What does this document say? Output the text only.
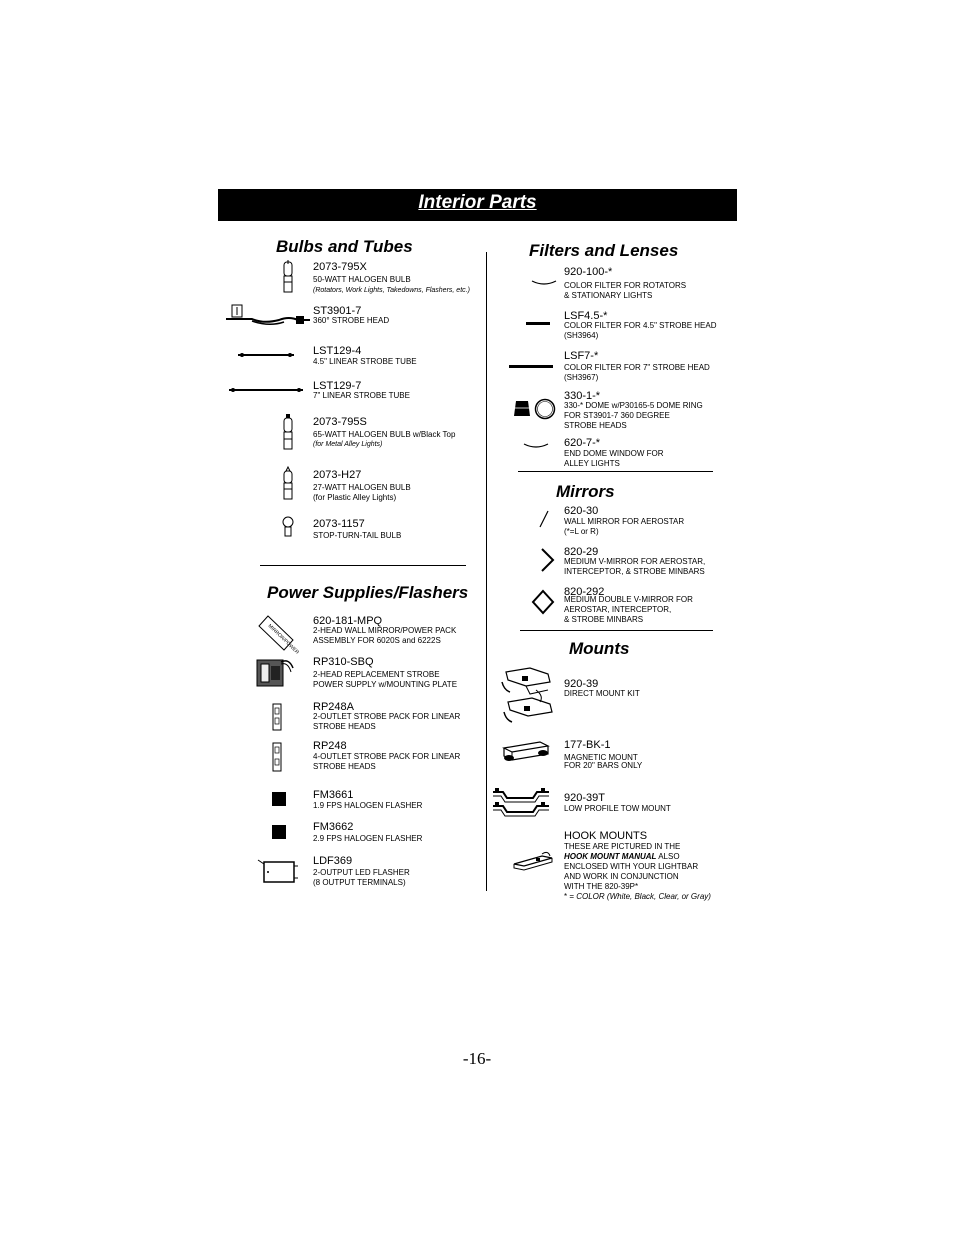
Interior Parts
Bulbs and Tubes
2073-795X
50-WATT HALOGEN BULB
(Rotators, Work Lights, Takedowns, Flashers, etc.)
ST3901-7
360° STROBE HEAD
LST129-4
4.5" LINEAR STROBE TUBE
LST129-7
7" LINEAR STROBE TUBE
2073-795S
65-WATT HALOGEN BULB w/Black Top
(for Metal Alley Lights)
2073-H27
27-WATT HALOGEN BULB
(for Plastic Alley Lights)
2073-1157
STOP-TURN-TAIL BULB
Power Supplies/Flashers
MIRROR/POWER
620-181-MPQ
2-HEAD WALL MIRROR/POWER PACK
ASSEMBLY FOR 6020S and 6222S
RP310-SBQ
2-HEAD REPLACEMENT STROBE
POWER SUPPLY w/MOUNTING PLATE
RP248A
2-OUTLET STROBE PACK FOR LINEAR
STROBE HEADS
RP248
4-OUTLET STROBE PACK FOR LINEAR
STROBE HEADS
FM3661
1.9 FPS HALOGEN FLASHER
FM3662
2.9 FPS HALOGEN FLASHER
LDF369
2-OUTPUT LED FLASHER
(8 OUTPUT TERMINALS)
Filters and Lenses
920-100-*
COLOR FILTER FOR ROTATORS
& STATIONARY LIGHTS
LSF4.5-*
COLOR FILTER FOR 4.5" STROBE HEAD
(SH3964)
LSF7-*
COLOR FILTER FOR 7" STROBE HEAD
(SH3967)
330-1-*
330-* DOME w/P30165-5 DOME RING
FOR ST3901-7 360 DEGREE
STROBE HEADS
620-7-*
END DOME WINDOW FOR
ALLEY LIGHTS
Mirrors
620-30
WALL MIRROR FOR AEROSTAR
(*=L or R)
820-29
MEDIUM V-MIRROR FOR AEROSTAR,
INTERCEPTOR, & STROBE MINBARS
820-292
MEDIUM DOUBLE V-MIRROR FOR
AEROSTAR, INTERCEPTOR,
& STROBE MINBARS
Mounts
920-39
DIRECT MOUNT KIT
177-BK-1
MAGNETIC MOUNT
FOR 20" BARS ONLY
920-39T
LOW PROFILE TOW MOUNT
HOOK MOUNTS
THESE ARE PICTURED IN THE
HOOK MOUNT MANUAL ALSO
ENCLOSED WITH YOUR LIGHTBAR
AND WORK IN CONJUNCTION
WITH THE 820-39P*
* = COLOR (White, Black, Clear, or Gray)
-16-
